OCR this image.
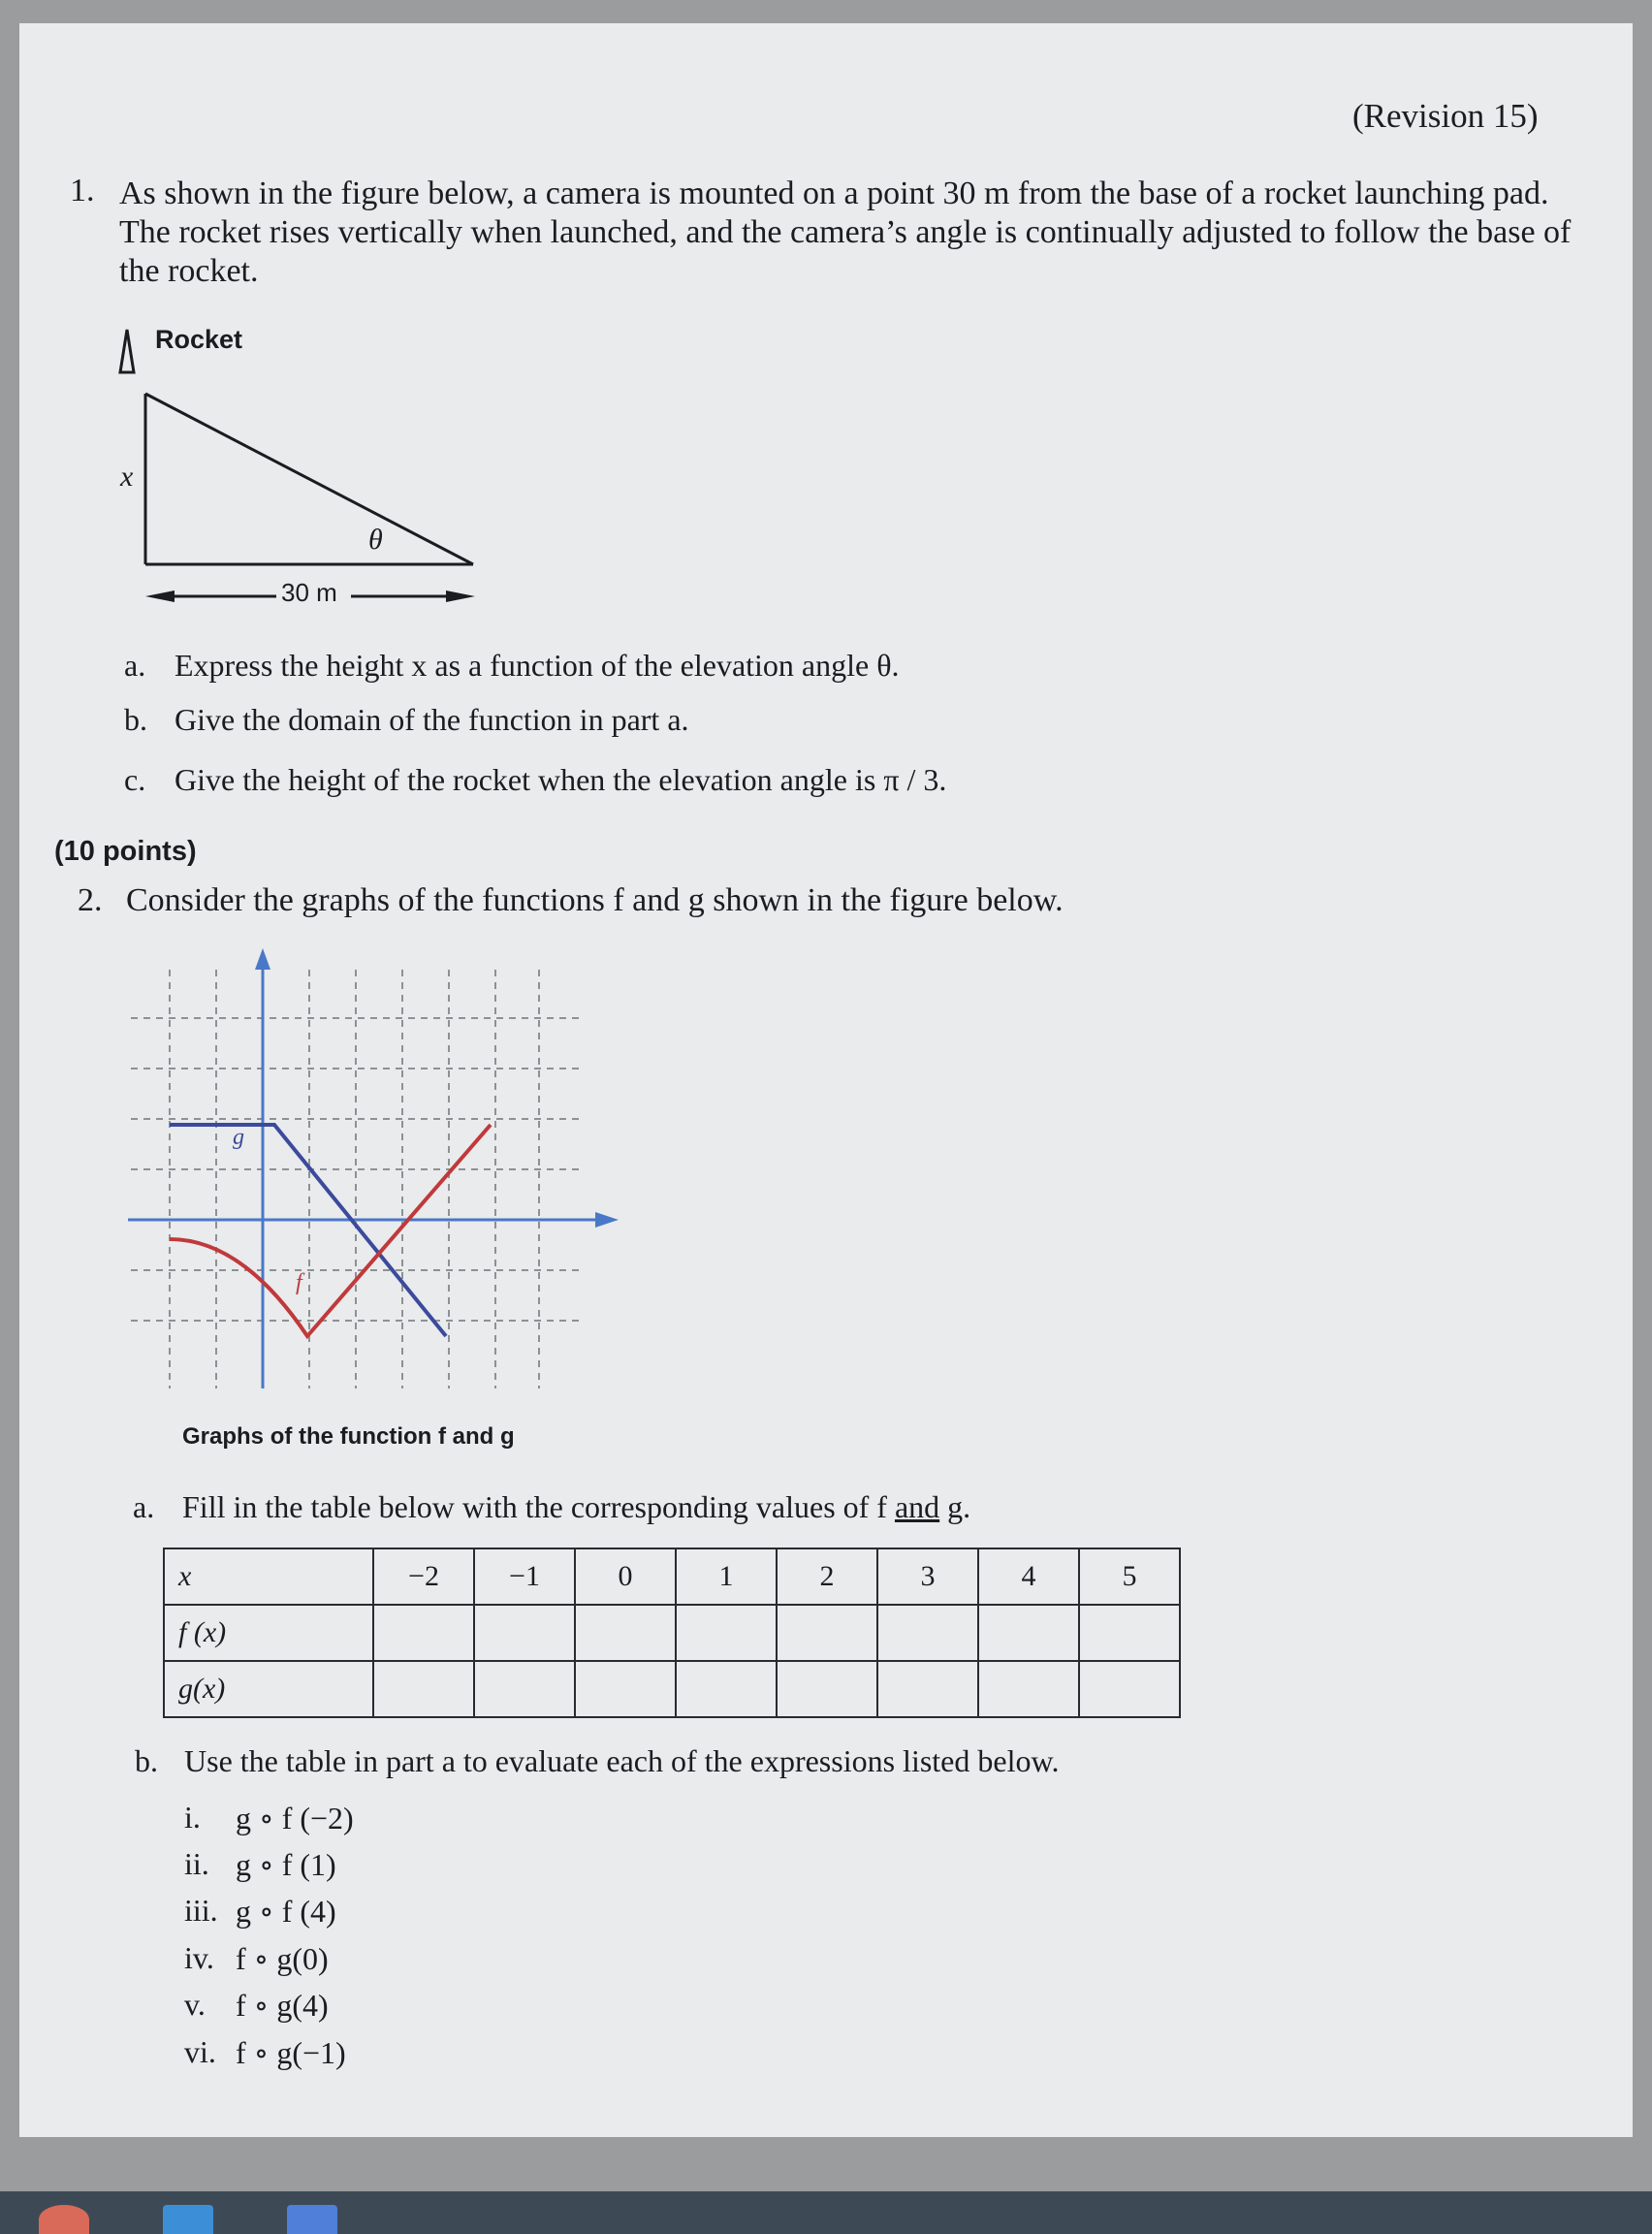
(Revision 15)
1. As shown in the figure below, a camera is mounted on a point 30 m from the base of a rocket launching pad. The rocket rises vertically when launched, and the camera’s angle is continually adjusted to follow the base of the rocket.
Rocket
x
θ
30 m
a. Express the height x as a function of the elevation angle θ.
b. Give the domain of the function in part a.
c. Give the height of the rocket when the elevation angle is π / 3.
(10 points)
2. Consider the graphs of the functions f and g shown in the figure below.
g
f
Graphs of the function f and g
a. Fill in the table below with the corresponding values of f and g.
x	−2	−1	0	1	2	3	4	5
f (x)								
g(x)								
b. Use the table in part a to evaluate each of the expressions listed below.
i. g ∘ f (−2)
ii. g ∘ f (1)
iii. g ∘ f (4)
iv. f ∘ g(0)
v. f ∘ g(4)
vi. f ∘ g(−1)
